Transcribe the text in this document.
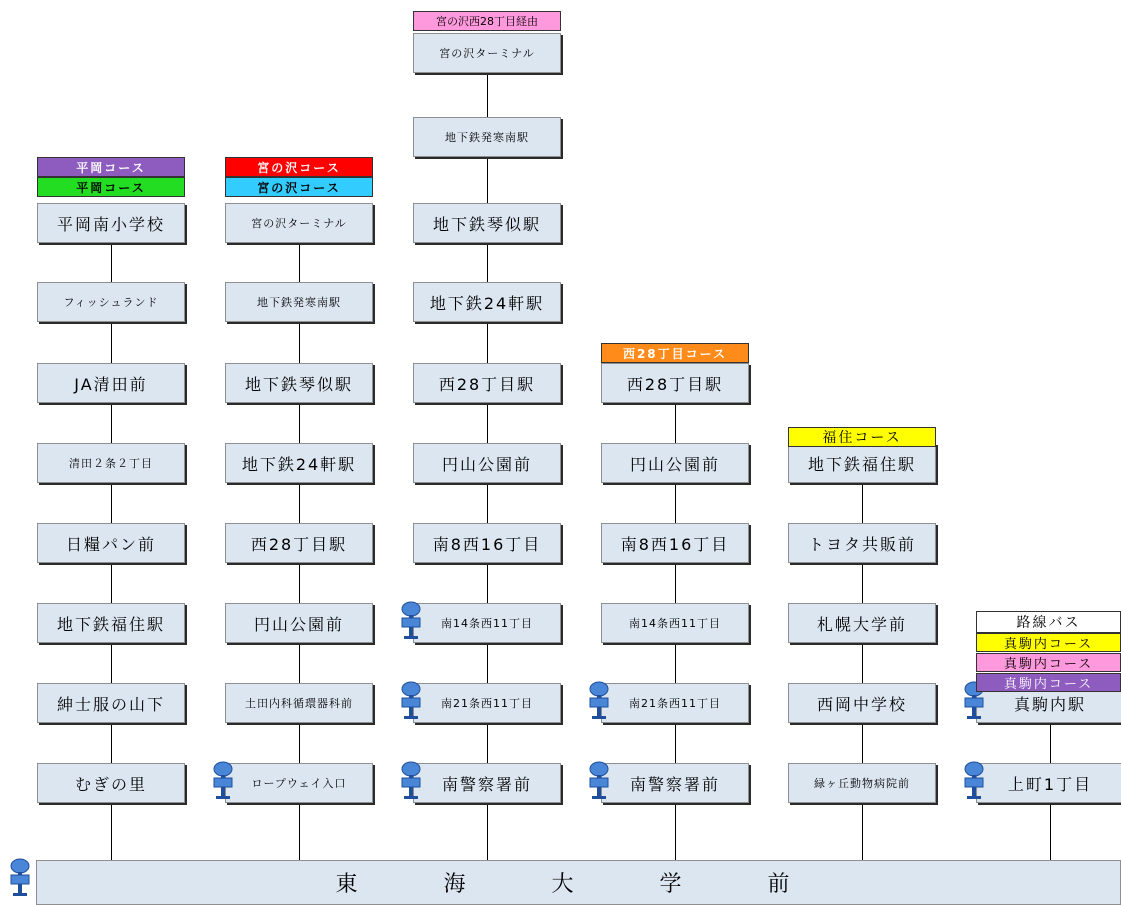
東　海　大　学　前
平岡南小学校
フィッシュランド
JA清田前
清田２条２丁目
日糧パン前
地下鉄福住駅
紳士服の山下
むぎの里
宮の沢ターミナル
地下鉄発寒南駅
地下鉄琴似駅
地下鉄24軒駅
西28丁目駅
円山公園前
土田内科循環器科前
ロープウェイ入口
宮の沢ターミナル
地下鉄発寒南駅
地下鉄琴似駅
地下鉄24軒駅
西28丁目駅
円山公園前
南8西16丁目
南14条西11丁目
南21条西11丁目
南警察署前
西28丁目駅
円山公園前
南8西16丁目
南14条西11丁目
南21条西11丁目
南警察署前
地下鉄福住駅
トヨタ共販前
札幌大学前
西岡中学校
緑ヶ丘動物病院前
真駒内駅
上町1丁目
平岡コース
平岡コース
宮の沢コース
宮の沢コース
宮の沢西28丁目経由
西28丁目コース
福住コース
路線バス
真駒内コース
真駒内コース
真駒内コース
